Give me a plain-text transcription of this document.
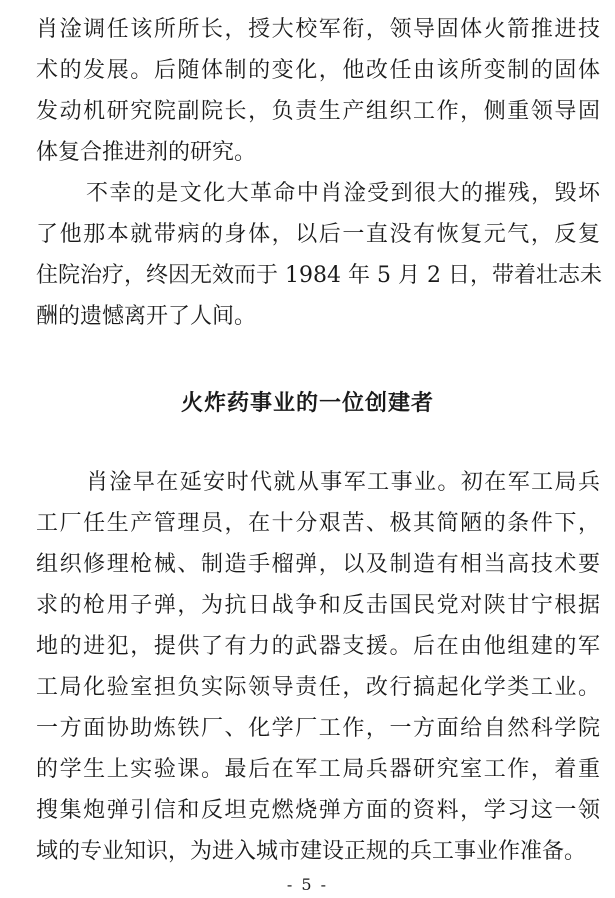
肖淦调任该所所长，授大校军衔，领导固体火箭推进技
术的发展。后随体制的变化，他改任由该所变制的固体
发动机研究院副院长，负责生产组织工作，侧重领导固
体复合推进剂的研究。
不幸的是文化大革命中肖淦受到很大的摧残，毁坏
了他那本就带病的身体，以后一直没有恢复元气，反复
住院治疗，终因无效而于 1984 年 5 月 2 日，带着壮志未
酬的遗憾离开了人间。
火炸药事业的一位创建者
肖淦早在延安时代就从事军工事业。初在军工局兵
工厂任生产管理员，在十分艰苦、极其简陋的条件下，
组织修理枪械、制造手榴弹，以及制造有相当高技术要
求的枪用子弹，为抗日战争和反击国民党对陕甘宁根据
地的进犯，提供了有力的武器支援。后在由他组建的军
工局化验室担负实际领导责任，改行搞起化学类工业。
一方面协助炼铁厂、化学厂工作，一方面给自然科学院
的学生上实验课。最后在军工局兵器研究室工作，着重
搜集炮弹引信和反坦克燃烧弹方面的资料，学习这一领
域的专业知识，为进入城市建设正规的兵工事业作准备。
- 5 -
